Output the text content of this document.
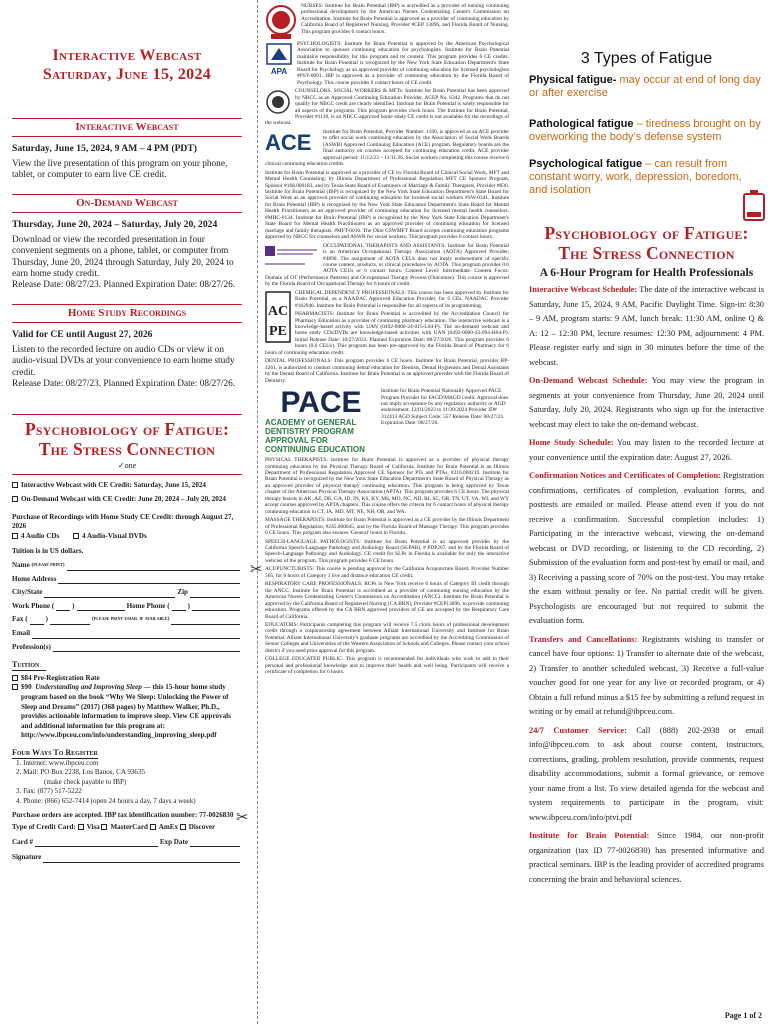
Interactive Webcast
Saturday, June 15, 2024
Interactive Webcast
Saturday, June 15, 2024, 9 AM – 4 PM (PDT)
View the live presentation of this program on your phone, tablet, or computer to earn live CE credit.
On-Demand Webcast
Thursday, June 20, 2024 – Saturday, July 20, 2024
Download or view the recorded presentation in four convenient segments on a phone, tablet, or computer from Thursday, June 20, 2024 through Saturday, July 20, 2024 to earn home study credit.
Release Date: 08/27/23. Planned Expiration Date: 08/27/26.
Home Study Recordings
Valid for CE until August 27, 2026
Listen to the recorded lecture on audio CDs or view it on audio-visual DVDs at your convenience to earn home study credit.
Release Date: 08/27/23. Planned Expiration Date: 08/27/26.
Psychobiology of Fatigue:
The Stress Connection
✓one
Interactive Webcast with CE Credit: Saturday, June 15, 2024
On-Demand Webcast with CE Credit: June 20, 2024 – July 20, 2024
Purchase of Recordings with Home Study CE Credit: through August 27, 2026
4 Audio CDs	4 Audio-Visual DVDs
Tuition is in US dollars.
Name
(please print)
Home Address
City/State	Zip
Work Phone (	)	Home Phone (	)
Fax (	)	(please print email if available)
Email
Profession(s)
Tuition
$84 Pre-Registration Rate
$90 Understanding and Improving Sleep — this 15-hour home study program based on the book “Why We Sleep: Unlocking the Power of Sleep and Dreams” (2017) (368 pages) by Matthew Walker, Ph.D., provides actionable information to improve sleep. View CE approvals and additional information for this program at: http://www.ibpceu.com/info/understanding_improving_sleep.pdf
Four Ways To Register
1. Internet: www.ibpceu.com
2. Mail: PO Box 2238, Los Banos, CA 93635
(make check payable to IBP)
3. Fax: (877) 517-5222
4. Phone: (866) 652-7414 (open 24 hours a day, 7 days a week)
Purchase orders are accepted. IBP tax identification number: 77-0026830
Type of Credit Card: Visa MasterCard AmEx Discover
Card #	Exp Date
Signature
✂
✂
NURSES: Institute for Brain Potential (IBP) is accredited as a provider of nursing continuing professional development by the American Nurses Credentialing Center's Commission on Accreditation. Institute for Brain Potential is approved as a provider of continuing education by California Board of Registered Nursing, Provider #CEP 13896, and Florida Board of Nursing. This program provides 6 contact hours.
APA
PSYCHOLOGISTS: Institute for Brain Potential is approved by the American Psychological Association to sponsor continuing education for psychologists. Institute for Brain Potential maintains responsibility for this program and its content. This program provides 6 CE credits. Institute for Brain Potential is recognized by the New York State Education Department's State Board for Psychology as an approved provider of continuing education for licensed psychologists #PSY-0091. IBP is approved as a provider of continuing education by the Florida Board of Psychology. This course provides 6 contact hours of CE credit.
COUNSELORS, SOCIAL WORKERS & MFTs: Institute for Brain Potential has been approved by NBCC as an Approved Continuing Education Provider, ACEP No. 6342. Programs that do not qualify for NBCC credit are clearly identified. Institute for Brain Potential is solely responsible for all aspects of the programs. This program provides clock hours. The Institute for Brain Potential, Provider #1110, is an NBCC-approved home study CE credit is not available for the recordings of the webcast.
ACE Institute for Brain Potential, Provider Number: 1160, is approved as an ACE provider to offer social work continuing education by the Association of Social Work Boards (ASWB) Approved Continuing Education (ACE) program. Regulatory boards are the final authority on courses accepted for continuing education credit. ACE provider approval period: 11/12/23 – 11/11/26. Social workers completing this course receive 6 clinical continuing education credits.
Institute for Brain Potential is approved as a provider of CE by Florida Board of Clinical Social Work, MFT and Mental Health Counseling; by Illinois Department of Professional Regulation MFT CE Sponsor Program, Sponsor #168.000183, and by Texas State Board of Examiners of Marriage & Family Therapists, Provider #830. Institute for Brain Potential (IBP) is recognized by the New York State Education Department's State Board for Social Work as an approved provider of continuing education for licensed social workers #SW-0341. Institute for Brain Potential (IBP) is recognized by the New York State Education Department's State Board for Mental Health Practitioners as an approved provider of continuing education for licensed mental health counselors. #MHC-0134. Institute for Brain Potential (IBP) is recognized by the New York State Education Department's State Board for Mental Health Practitioners as an approved provider of continuing education for licensed marriage and family therapists. #MFT-0016. The Ohio CSWMFT Board accepts continuing education programs approved by NBCC for counselors and ASWB for social workers. This program provides 6 contact hours.
OCCUPATIONAL THERAPISTS AND ASSISTANTS: Institute for Brain Potential is an American Occupational Therapy Association (AOTA) Approved Provider, #4890. The assignment of AOTA CEUs does not imply endorsement of specific course content, products, or clinical procedures by AOTA. This program provides 0.6 AOTA CEUs or 6 contact hours. Content Level: Intermediate. Content Focus: Domain of OT (Performance Patterns) and Occupational Therapy Process (Outcomes). This course is approved by the Florida Board of Occupational Therapy for 6 hours of credit.
AC
PE
CHEMICAL DEPENDENCY PROFESSIONALS: This course has been approved by Institute for Brain Potential, as a NAADAC Approved Education Provider, for 6 CEs. NAADAC Provider #182946. Institute for Brain Potential is responsible for all aspects of its programming.
PHARMACISTS: Institute for Brain Potential is accredited by the Accreditation Council for Pharmacy Education as a provider of continuing pharmacy education. The interactive webcast is a knowledge-based activity with UAN (0492-0000-24-015-L04-P). The on-demand webcast and home study CDs/DVDs are knowledge-based activities with UAN (0492-0000-23-094-H04-P). Initial Release Date: 10/27/2023. Planned Expiration Date: 08/27/2026. This program provides 6 hours (0.6 CEUs). This program has been pre-approved by the Florida Board of Pharmacy for 6 hours of continuing education credit.
DENTAL PROFESSIONALS: This program provides 6 CE hours. Institute for Brain Potential, provider RP-4261, is authorized to conduct continuing dental education for Dentists, Dental Hygienists and Dental Assistants by the Dental Board of California. Institute for Brain Potential is an approved provider with the Florida Board of Dentistry.
PACE
ACADEMY of GENERAL DENTISTRY PROGRAM APPROVAL FOR CONTINUING EDUCATION
Institute for Brain Potential Nationally Approved PACE Program Provider for FAGD/MAGD credit. Approval does not imply acceptance by any regulatory authority or AGD endorsement. 12/01/2023 to 11/30/2024 Provider ID# 312413 AGD Subject Code: 557 Release Date: 08/27/23. Expiration Date: 08/27/26.
PHYSICAL THERAPISTS: Institute for Brain Potential is approved as a provider of physical therapy continuing education by the Physical Therapy Board of California. Institute for Brain Potential is an Illinois Department of Professional Regulation Approved CE Sponsor for PTs and PTAs, #216.000210. Institute for Brain Potential is recognized by the New York State Education Department's State Board of Physical Therapy as an approved provider of physical therapy continuing education. This program is being approved by Texas chapter of the American Physical Therapy Association (APTA). This program provides 6 CE hours. The physical therapy boards in AK, AZ, DE, GA, ID, IN, KS, KY, MS, MO, NC, ND, RI, SC, OR, TN, UT, VA, WI, and WY accept courses approved by APTA chapters. This course offers the criteria for 6 contact hours of physical therapy continuing education in CT, IA, MD, MT, NE, NH, OR, and WA.
MASSAGE THERAPISTS: Institute for Brain Potential is approved as a CE provider by the Illinois Department of Professional Regulation, #245.000045, and by the Florida Board of Massage Therapy. This program provides 6 CE hours. This program also ensures 'General' hours in Florida.
SPEECH-LANGUAGE PATHOLOGISTS: Institute for Brain Potential is an approved provider by the California Speech-Language Pathology and Audiology Board (SLPAB), # PDP267, and by the Florida Board of Speech-Language Pathology and Audiology. CE credit for SLPs in Florida is available for only the interactive webcast of the program. This program provides 6 CE hours.
ACUPUNCTURISTS: This course is pending approval by the California Acupuncture Board, Provider Number 565, for 6 hours of Category 1 live and distance education CE credit.
RESPIRATORY CARE PROFESSIONALS: RCPs in New York receive 6 hours of Category III credit through the ANCC. Institute for Brain Potential is accredited as a provider of continuing nursing education by the American Nurses Credentialing Center's Commission on Accreditation (ANCC). Institute for Brain Potential is approved by the California Board of Registered Nursing (CA BRN), Provider #CEP13896, to provide continuing education. Programs offered by the CA BRN approved providers of CE are accepted by the Respiratory Care Board of California.
EDUCATORS: Participants completing this program will receive 7.5 clock hours of professional development credit through a cosponsorship agreement between Alliant International University and Institute for Brain Potential. Alliant International University's graduate programs are accredited by the Accrediting Commission of Senior Colleges and Universities of the Western Association of Schools and Colleges. Please contact your school district if you need prior approval for this program.
COLLEGE EDUCATED PUBLIC: This program is recommended for individuals who wish to add to their personal and professional knowledge and to improve their health and well being. Participants will receive a certificate of completion for 6 hours.
3 Types of Fatigue
Physical fatigue- may occur at end of long day or after exercise
Pathological fatigue – tiredness brought on by overworking the body’s defense system
Psychological fatigue – can result from constant worry, work, depression, boredom, and isolation
Psychobiology of Fatigue:
The Stress Connection
A 6-Hour Program for Health Professionals
Interactive Webcast Schedule: The date of the interactive webcast is Saturday, June 15, 2024, 9 AM, Pacific Daylight Time. Sign-in: 8:30 – 9 AM, program starts: 9 AM, lunch break: 11:30 AM, online Q & A: 12 – 12:30 PM, lecture resumes: 12:30 PM, adjournment: 4 PM. Please register early and sign in 30 minutes before the time of the webcast.
On-Demand Webcast Schedule: You may view the program in segments at your convenience from Thursday, June 20, 2024 until Saturday, July 20, 2024. Registrants who sign up for the interactive webcast may elect to take the on-demand webcast.
Home Study Schedule: You may listen to the recorded lecture at your convenience until the expiration date: August 27, 2026.
Confirmation Notices and Certificates of Completion: Registration confirmations, certificates of completion, evaluation forms, and posttests are emailed or mailed. Please attend even if you do not receive a confirmation. Successful completion includes: 1) Participating in the interactive webcast, viewing the on-demand webcast or DVD recording, or listening to the CD recording, 2) Submission of the evaluation form and post-test by email or mail, and 3) Receiving a passing score of 70% on the post-test. You may retake the exam without penalty or fee. No partial credit will be given. Psychologists are encouraged but not required to submit the evaluation form.
Transfers and Cancellations: Registrants wishing to transfer or cancel have four options: 1) Transfer to alternate date of the webcast, 2) Transfer to another scheduled webcast, 3) Receive a full-value voucher good for one year for any live or recorded program, or 4) Obtain a full refund minus a $15 fee by submitting a refund request in writing or by email at refund@ibpceu.com.
24/7 Customer Service: Call (888) 202-2938 or email info@ibpceu.com to ask about course content, instructors, corrections, grading, problem resolution, provide comments, request disability accommodations, submit a formal grievance, or remove your name from a list. To view detailed agenda for the webcast and system requirements to participate in the program, visit: www.ibpceu.com/info/ptvi.pdf
Institute for Brain Potential: Since 1984, our non-profit organization (tax ID 77-0026830) has presented informative and practical seminars. IBP is the leading provider of accredited programs concerning the brain and behavioral sciences.
Page 1 of 2
